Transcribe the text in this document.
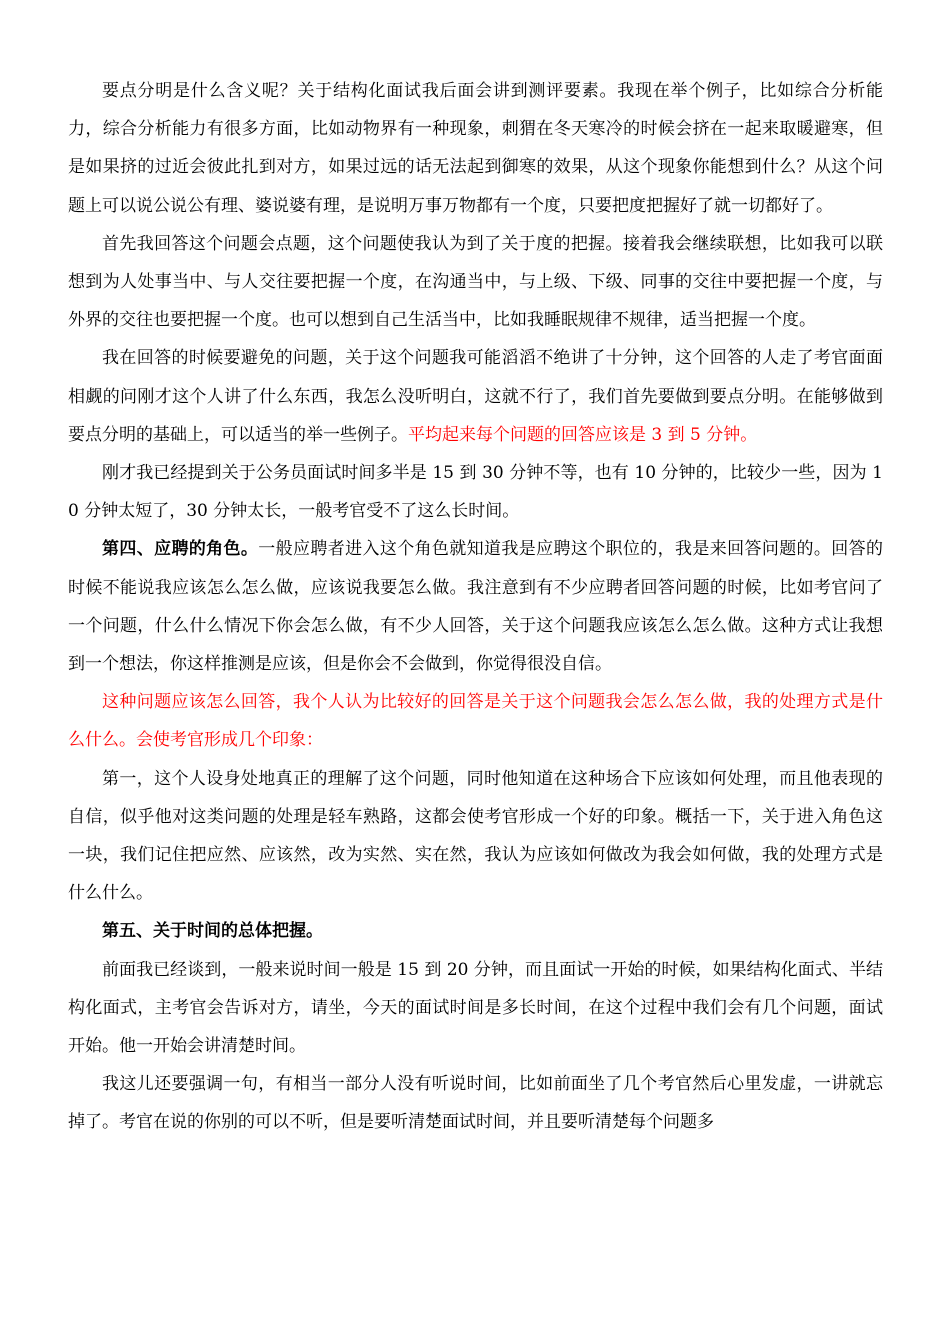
要点分明是什么含义呢？关于结构化面试我后面会讲到测评要素。我现在举个例子，比如综合分析能力，综合分析能力有很多方面，比如动物界有一种现象，刺猬在冬天寒冷的时候会挤在一起来取暖避寒，但是如果挤的过近会彼此扎到对方，如果过远的话无法起到御寒的效果，从这个现象你能想到什么？从这个问题上可以说公说公有理、婆说婆有理，是说明万事万物都有一个度，只要把度把握好了就一切都好了。

首先我回答这个问题会点题，这个问题使我认为到了关于度的把握。接着我会继续联想，比如我可以联想到为人处事当中、与人交往要把握一个度，在沟通当中，与上级、下级、同事的交往中要把握一个度，与外界的交往也要把握一个度。也可以想到自己生活当中，比如我睡眠规律不规律，适当把握一个度。

我在回答的时候要避免的问题，关于这个问题我可能滔滔不绝讲了十分钟，这个回答的人走了考官面面相觑的问刚才这个人讲了什么东西，我怎么没听明白，这就不行了，我们首先要做到要点分明。在能够做到要点分明的基础上，可以适当的举一些例子。平均起来每个问题的回答应该是 3 到 5 分钟。

刚才我已经提到关于公务员面试时间多半是 15 到 30 分钟不等，也有 10 分钟的，比较少一些，因为 10 分钟太短了，30 分钟太长，一般考官受不了这么长时间。

第四、应聘的角色。一般应聘者进入这个角色就知道我是应聘这个职位的，我是来回答问题的。回答的时候不能说我应该怎么怎么做，应该说我要怎么做。我注意到有不少应聘者回答问题的时候，比如考官问了一个问题，什么什么情况下你会怎么做，有不少人回答，关于这个问题我应该怎么怎么做。这种方式让我想到一个想法，你这样推测是应该，但是你会不会做到，你觉得很没自信。

这种问题应该怎么回答，我个人认为比较好的回答是关于这个问题我会怎么怎么做，我的处理方式是什么什么。会使考官形成几个印象：

第一，这个人设身处地真正的理解了这个问题，同时他知道在这种场合下应该如何处理，而且他表现的自信，似乎他对这类问题的处理是轻车熟路，这都会使考官形成一个好的印象。概括一下，关于进入角色这一块，我们记住把应然、应该然，改为实然、实在然，我认为应该如何做改为我会如何做，我的处理方式是什么什么。

第五、关于时间的总体把握。

前面我已经谈到，一般来说时间一般是 15 到 20 分钟，而且面试一开始的时候，如果结构化面式、半结构化面式，主考官会告诉对方，请坐，今天的面试时间是多长时间，在这个过程中我们会有几个问题，面试开始。他一开始会讲清楚时间。

我这儿还要强调一句，有相当一部分人没有听说时间，比如前面坐了几个考官然后心里发虚，一讲就忘掉了。考官在说的你别的可以不听，但是要听清楚面试时间，并且要听清楚每个问题多
